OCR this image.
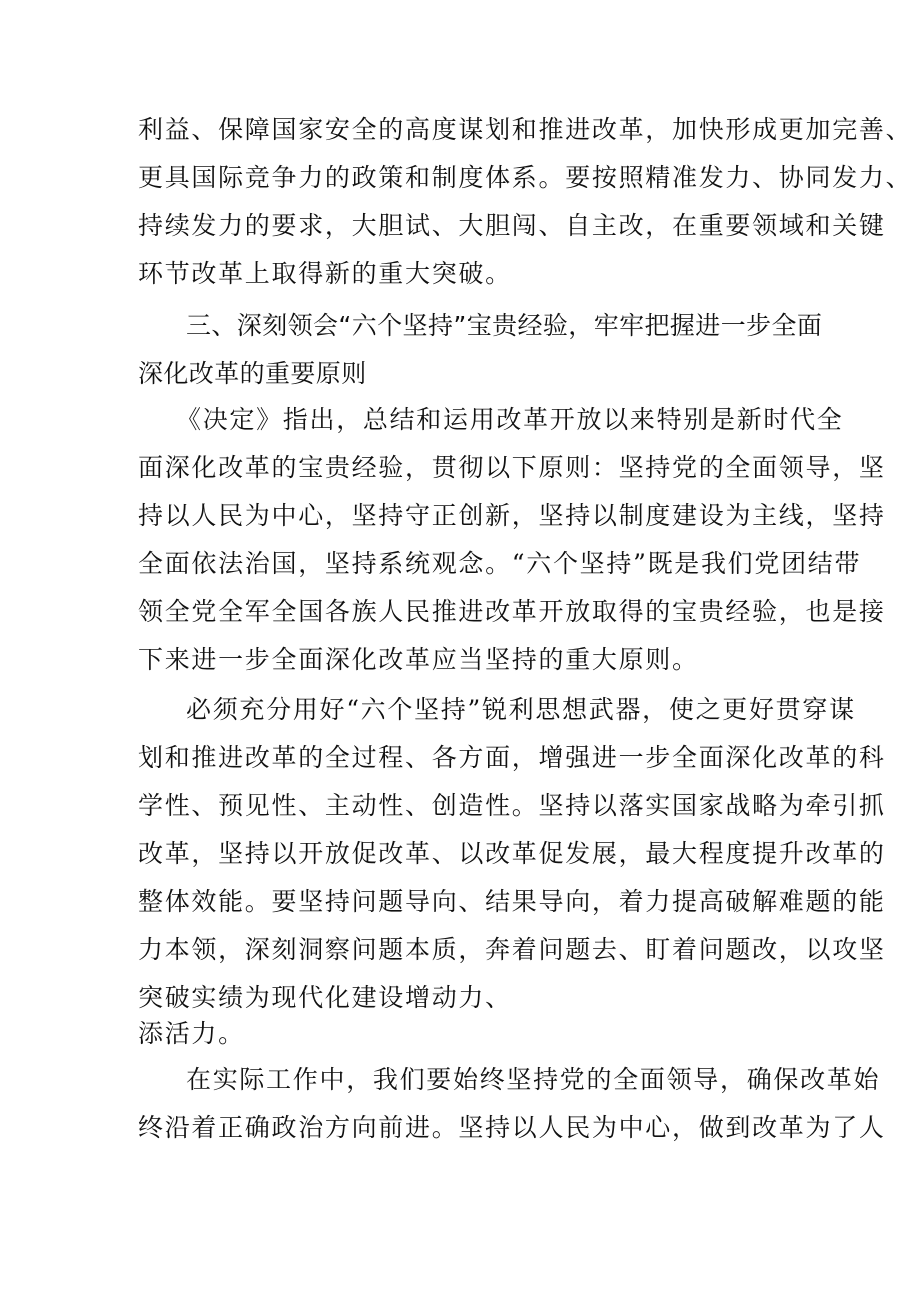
利益、保障国家安全的高度谋划和推进改革，加快形成更加完善、
更具国际竞争力的政策和制度体系。要按照精准发力、协同发力、
持续发力的要求，大胆试、大胆闯、自主改，在重要领域和关键
环节改革上取得新的重大突破。
三、深刻领会“六个坚持”宝贵经验，牢牢把握进一步全面
深化改革的重要原则
《决定》指出，总结和运用改革开放以来特别是新时代全
面深化改革的宝贵经验，贯彻以下原则：坚持党的全面领导，坚
持以人民为中心，坚持守正创新，坚持以制度建设为主线，坚持
全面依法治国，坚持系统观念。“六个坚持”既是我们党团结带
领全党全军全国各族人民推进改革开放取得的宝贵经验，也是接
下来进一步全面深化改革应当坚持的重大原则。
必须充分用好“六个坚持”锐利思想武器，使之更好贯穿谋
划和推进改革的全过程、各方面，增强进一步全面深化改革的科
学性、预见性、主动性、创造性。坚持以落实国家战略为牵引抓
改革，坚持以开放促改革、以改革促发展，最大程度提升改革的
整体效能。要坚持问题导向、结果导向，着力提高破解难题的能
力本领，深刻洞察问题本质，奔着问题去、盯着问题改，以攻坚
突破实绩为现代化建设增动力、
添活力。
在实际工作中，我们要始终坚持党的全面领导，确保改革始
终沿着正确政治方向前进。坚持以人民为中心，做到改革为了人
